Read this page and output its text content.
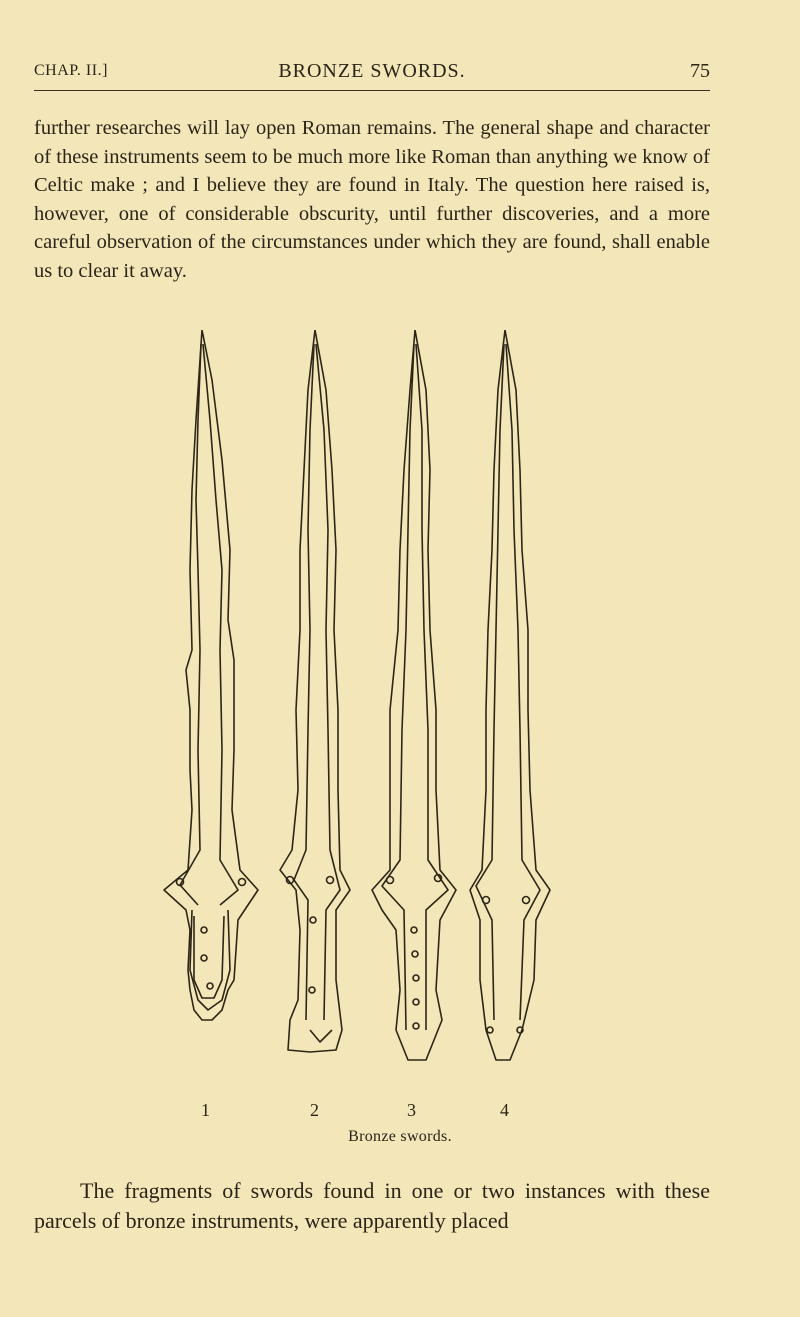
CHAP. II.]	BRONZE SWORDS.	75

further researches will lay open Roman remains. The general shape and character of these instruments seem to be much more like Roman than anything we know of Celtic make ; and I believe they are found in Italy. The question here raised is, however, one of considerable obscurity, until further discoveries, and a more careful observation of the circumstances under which they are found, shall enable us to clear it away.

1	2	3	4
Bronze swords.

The fragments of swords found in one or two instances with these parcels of bronze instruments, were apparently placed
